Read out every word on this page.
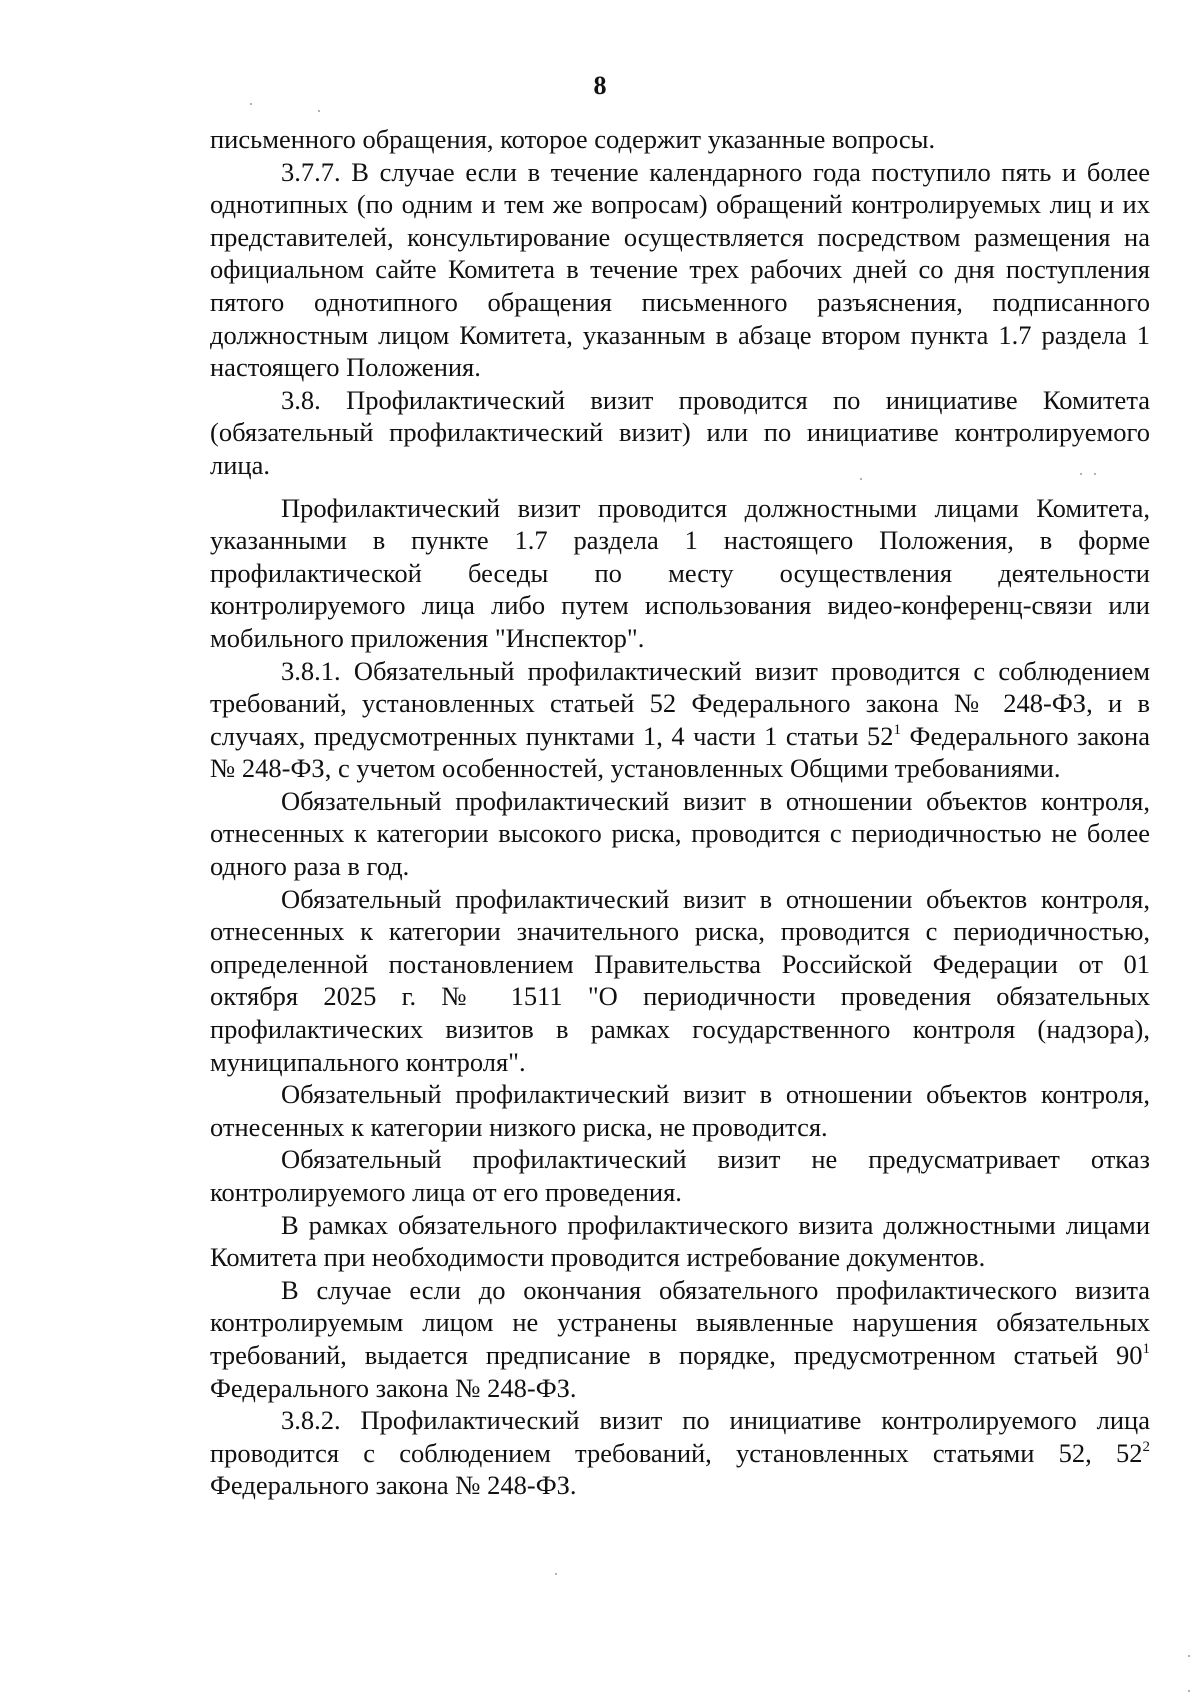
8

письменного обращения, которое содержит указанные вопросы.

3.7.7. В случае если в течение календарного года поступило пять и более однотипных (по одним и тем же вопросам) обращений контролируемых лиц и их представителей, консультирование осуществляется посредством размещения на официальном сайте Комитета в течение трех рабочих дней со дня поступления пятого однотипного обращения письменного разъяснения, подписанного должностным лицом Комитета, указанным в абзаце втором пункта 1.7 раздела 1 настоящего Положения.

3.8. Профилактический визит проводится по инициативе Комитета (обязательный профилактический визит) или по инициативе контролируемого лица.

Профилактический визит проводится должностными лицами Комитета, указанными в пункте 1.7 раздела 1 настоящего Положения, в форме профилактической беседы по месту осуществления деятельности контролируемого лица либо путем использования видео-конференц-связи или мобильного приложения "Инспектор".

3.8.1. Обязательный профилактический визит проводится с соблюдением требований, установленных статьей 52 Федерального закона № 248-ФЗ, и в случаях, предусмотренных пунктами 1, 4 части 1 статьи $52^1$ Федерального закона № 248-ФЗ, с учетом особенностей, установленных Общими требованиями.

Обязательный профилактический визит в отношении объектов контроля, отнесенных к категории высокого риска, проводится с периодичностью не более одного раза в год.

Обязательный профилактический визит в отношении объектов контроля, отнесенных к категории значительного риска, проводится с периодичностью, определенной постановлением Правительства Российской Федерации от 01 октября 2025 г. № 1511 "О периодичности проведения обязательных профилактических визитов в рамках государственного контроля (надзора), муниципального контроля".

Обязательный профилактический визит в отношении объектов контроля, отнесенных к категории низкого риска, не проводится.

Обязательный профилактический визит не предусматривает отказ контролируемого лица от его проведения.

В рамках обязательного профилактического визита должностными лицами Комитета при необходимости проводится истребование документов.

В случае если до окончания обязательного профилактического визита контролируемым лицом не устранены выявленные нарушения обязательных требований, выдается предписание в порядке, предусмотренном статьей $90^1$ Федерального закона № 248-ФЗ.

3.8.2. Профилактический визит по инициативе контролируемого лица проводится с соблюдением требований, установленных статьями 52, $52^2$ Федерального закона № 248-ФЗ.
